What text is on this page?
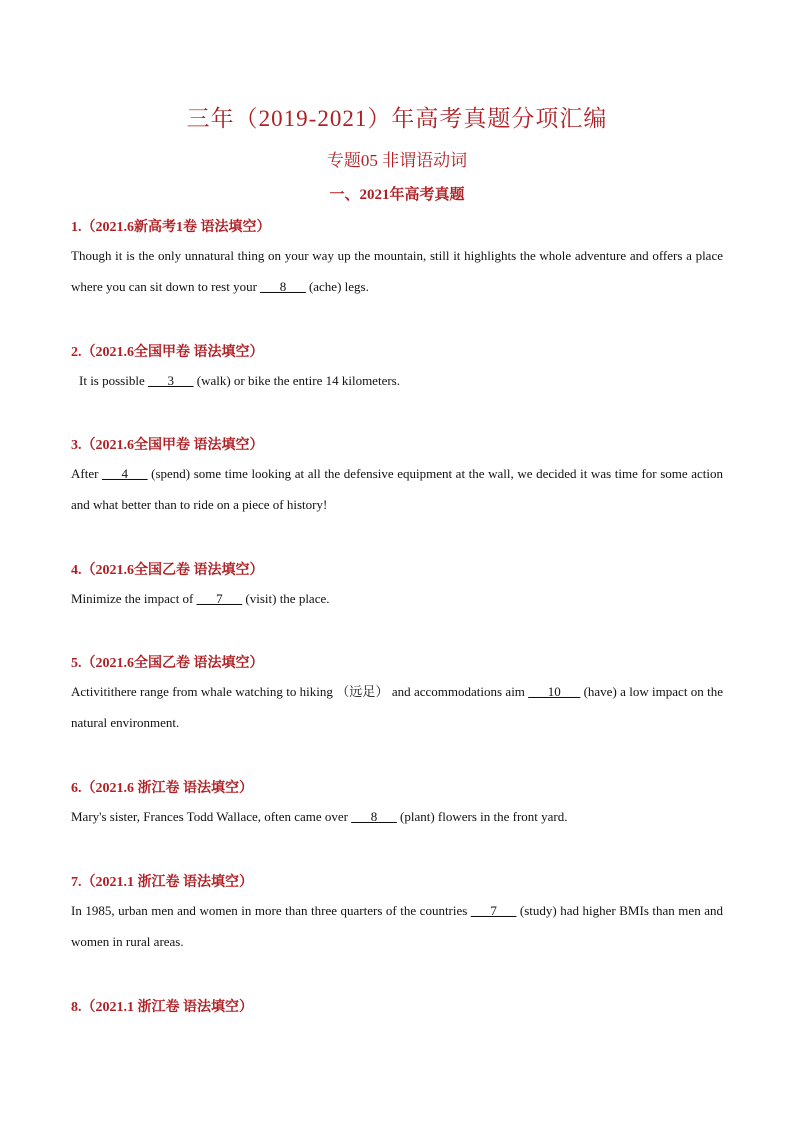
三年（2019-2021）年高考真题分项汇编
专题05 非谓语动词
一、2021年高考真题
1.（2021.6新高考1卷 语法填空）
Though it is the only unnatural thing on your way up the mountain, still it highlights the whole adventure and offers a place where you can sit down to rest your ___8___ (ache) legs.
2.（2021.6全国甲卷 语法填空）
It is possible ___3___ (walk) or bike the entire 14 kilometers.
3.（2021.6全国甲卷 语法填空）
After ___4___ (spend) some time looking at all the defensive equipment at the wall, we decided it was time for some action and what better than to ride on a piece of history!
4.（2021.6全国乙卷 语法填空）
Minimize the impact of ___7___ (visit) the place.
5.（2021.6全国乙卷 语法填空）
Activitithere range from whale watching to hiking （远足） and accommodations aim ___10___ (have) a low impact on the natural environment.
6.（2021.6 浙江卷 语法填空）
Mary's sister, Frances Todd Wallace, often came over ___8___ (plant) flowers in the front yard.
7.（2021.1 浙江卷 语法填空）
In 1985, urban men and women in more than three quarters of the countries ___7___ (study) had higher BMIs than men and women in rural areas.
8.（2021.1 浙江卷 语法填空）
